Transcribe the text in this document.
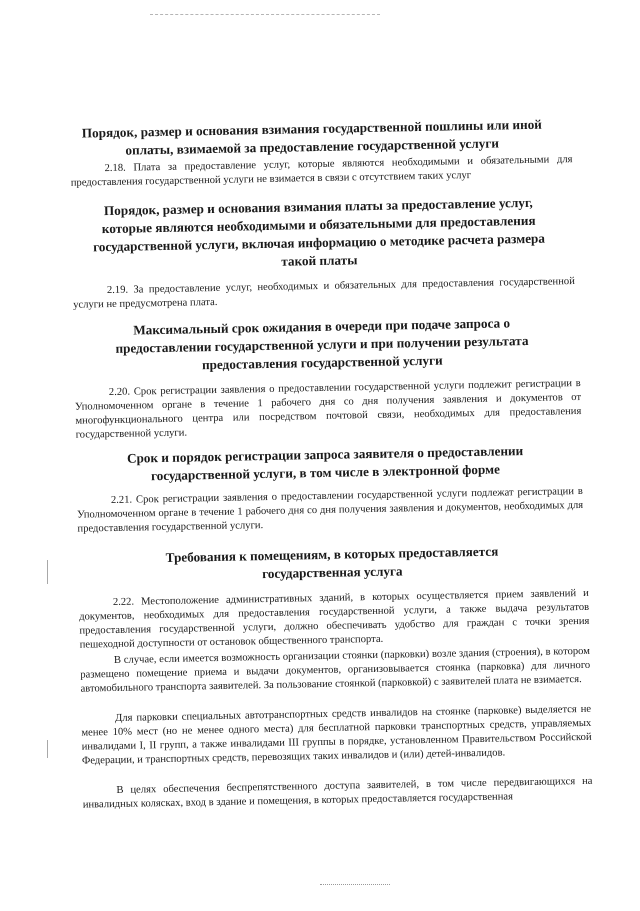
Порядок, размер и основания взимания государственной пошлины или иной оплаты, взимаемой за предоставление государственной услуги
2.18. Плата за предоставление услуг, которые являются необходимыми и обязательными для предоставления государственной услуги не взимается в связи с отсутствием таких услуг
Порядок, размер и основания взимания платы за предоставление услуг, которые являются необходимыми и обязательными для предоставления государственной услуги, включая информацию о методике расчета размера такой платы
2.19. За предоставление услуг, необходимых и обязательных для предоставления государственной услуги не предусмотрена плата.
Максимальный срок ожидания в очереди при подаче запроса о предоставлении государственной услуги и при получении результата предоставления государственной услуги
2.20. Срок регистрации заявления о предоставлении государственной услуги подлежит регистрации в Уполномоченном органе в течение 1 рабочего дня со дня получения заявления и документов от многофункционального центра или посредством почтовой связи, необходимых для предоставления государственной услуги.
Срок и порядок регистрации запроса заявителя о предоставлении государственной услуги, в том числе в электронной форме
2.21. Срок регистрации заявления о предоставлении государственной услуги подлежат регистрации в Уполномоченном органе в течение 1 рабочего дня со дня получения заявления и документов, необходимых для предоставления государственной услуги.
Требования к помещениям, в которых предоставляется государственная услуга
2.22. Местоположение административных зданий, в которых осуществляется прием заявлений и документов, необходимых для предоставления государственной услуги, а также выдача результатов предоставления государственной услуги, должно обеспечивать удобство для граждан с точки зрения пешеходной доступности от остановок общественного транспорта.
В случае, если имеется возможность организации стоянки (парковки) возле здания (строения), в котором размещено помещение приема и выдачи документов, организовывается стоянка (парковка) для личного автомобильного транспорта заявителей. За пользование стоянкой (парковкой) с заявителей плата не взимается.
Для парковки специальных автотранспортных средств инвалидов на стоянке (парковке) выделяется не менее 10% мест (но не менее одного места) для бесплатной парковки транспортных средств, управляемых инвалидами I, II групп, а также инвалидами III группы в порядке, установленном Правительством Российской Федерации, и транспортных средств, перевозящих таких инвалидов и (или) детей-инвалидов.
В целях обеспечения беспрепятственного доступа заявителей, в том числе передвигающихся на инвалидных колясках, вход в здание и помещения, в которых предоставляется государственная
